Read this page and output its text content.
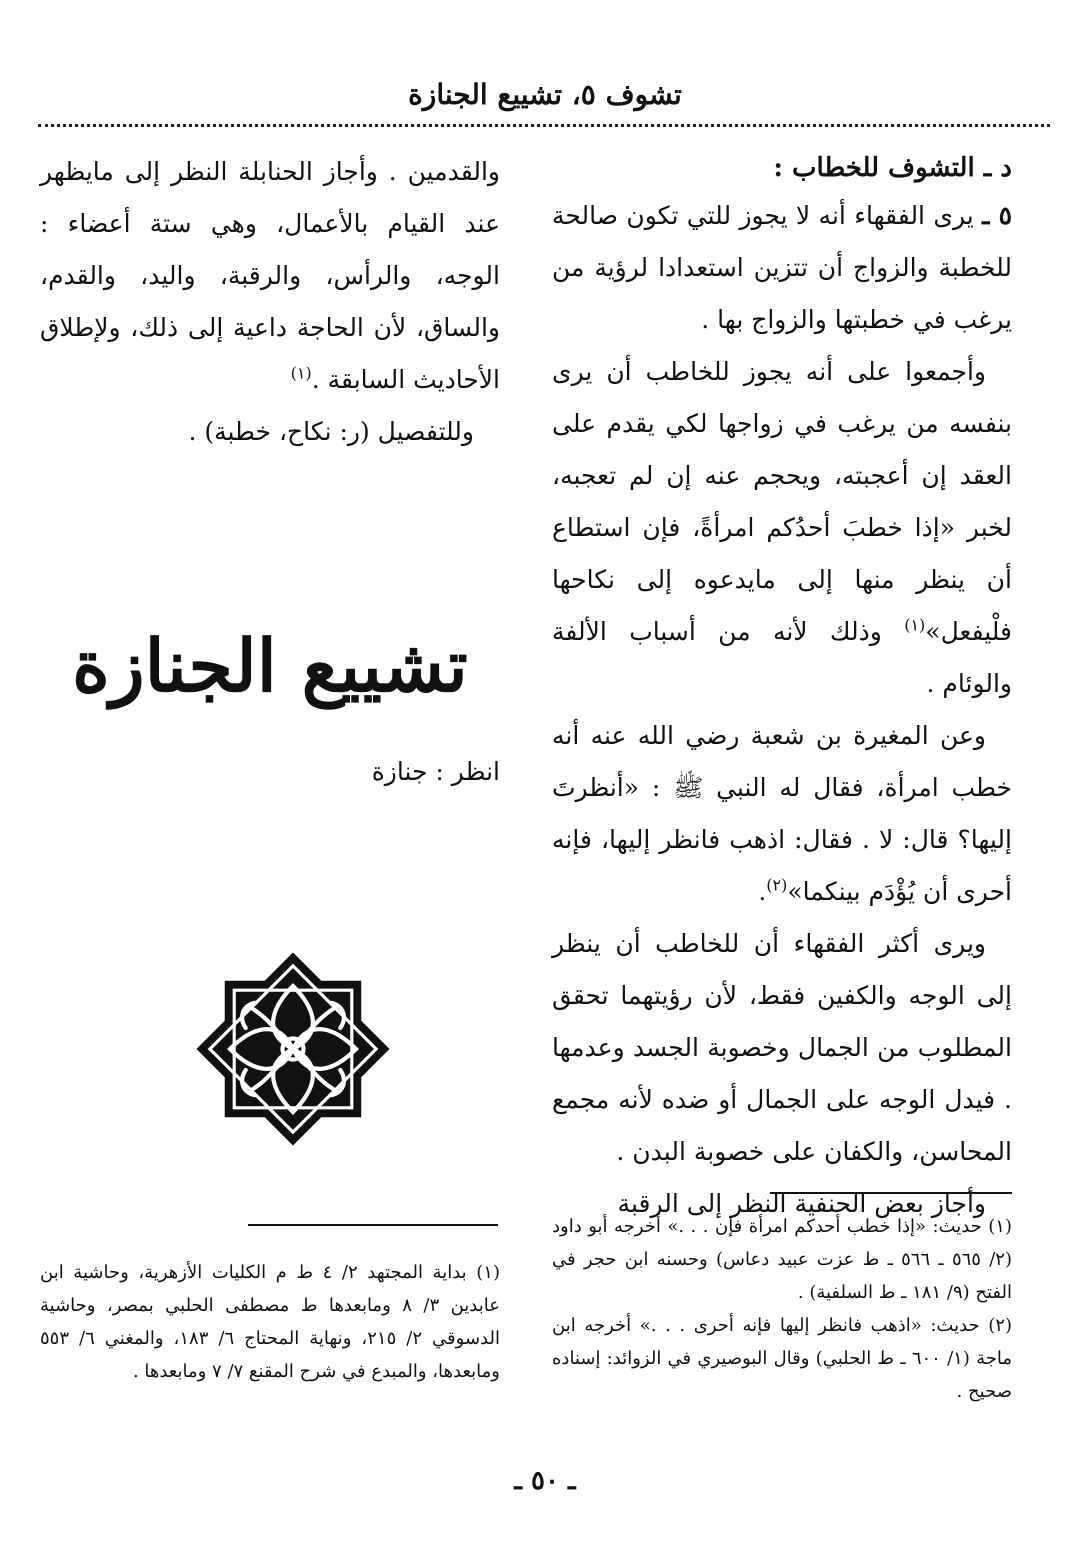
تشوف ٥، تشييع الجنازة

د ـ التشوف للخطاب :

٥ ـ يرى الفقهاء أنه لا يجوز للتي تكون صالحة للخطبة والزواج أن تتزين استعدادا لرؤية من يرغب في خطبتها والزواج بها .

وأجمعوا على أنه يجوز للخاطب أن يرى بنفسه من يرغب في زواجها لكي يقدم على العقد إن أعجبته، ويحجم عنه إن لم تعجبه، لخبر «إذا خطبَ أحدُكم امرأةً، فإن استطاع أن ينظر منها إلى مايدعوه إلى نكاحها فلْيفعل»$^{(١)}$ وذلك لأنه من أسباب الألفة والوئام .

وعن المغيرة بن شعبة رضي الله عنه أنه خطب امرأة، فقال له النبي ﷺ : «أنظرتَ إليها؟ قال: لا . فقال: اذهب فانظر إليها، فإنه أحرى أن يُؤْدَم بينكما»$^{(٢)}$.

ويرى أكثر الفقهاء أن للخاطب أن ينظر إلى الوجه والكفين فقط، لأن رؤيتهما تحقق المطلوب من الجمال وخصوبة الجسد وعدمها . فيدل الوجه على الجمال أو ضده لأنه مجمع المحاسن، والكفان على خصوبة البدن .

وأجاز بعض الحنفية النظر إلى الرقبة

والقدمين . وأجاز الحنابلة النظر إلى مايظهر عند القيام بالأعمال، وهي ستة أعضاء : الوجه، والرأس، والرقبة، واليد، والقدم، والساق، لأن الحاجة داعية إلى ذلك، ولإطلاق الأحاديث السابقة .$^{(١)}$

وللتفصيل (ر: نكاح، خطبة) .

تشييع الجنازة
انظر : جنازة

(١) حديث: «إذا خطب أحدكم امرأة فإن . . .» أخرجه أبو داود (٢/ ٥٦٥ ـ ٥٦٦ ـ ط عزت عبيد دعاس) وحسنه ابن حجر في الفتح (٩/ ١٨١ ـ ط السلفية) .

(٢) حديث: «اذهب فانظر إليها فإنه أحرى . . .» أخرجه ابن ماجة (١/ ٦٠٠ ـ ط الحلبي) وقال البوصيري في الزوائد: إسناده صحيح .

(١) بداية المجتهد ٢/ ٤ ط م الكليات الأزهرية، وحاشية ابن عابدين ٣/ ٨ ومابعدها ط مصطفى الحلبي بمصر، وحاشية الدسوقي ٢/ ٢١٥، ونهاية المحتاج ٦/ ١٨٣، والمغني ٦/ ٥٥٣ ومابعدها، والمبدع في شرح المقنع ٧/ ٧ ومابعدها .

ـ ٥٠ ـ
